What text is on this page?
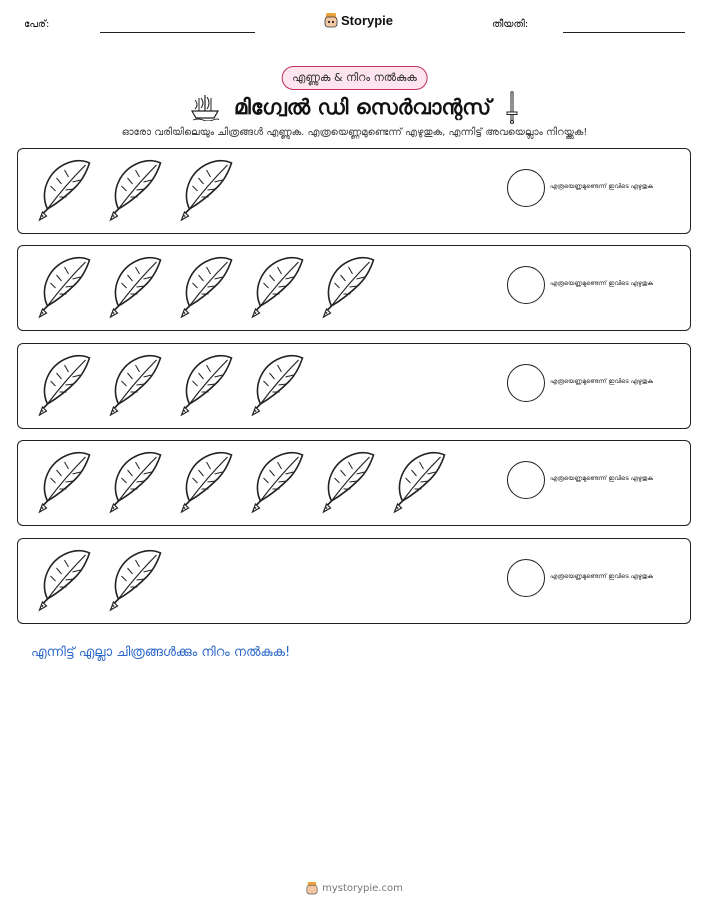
പേര്:	Storypie	തീയതി:
എണ്ണുക & നിറം നൽകുക
മിഗ്വേൽ ഡി സെർവാന്റസ്
ഓരോ വരിയിലെയും ചിത്രങ്ങൾ എണ്ണുക. എത്രയെണ്ണമുണ്ടെന്ന് എഴുതുക, എന്നിട്ട് അവയെല്ലാം നിറയ്ക്കുക!
എത്രയെണ്ണമുണ്ടെന്ന് ഇവിടെ എഴുതുക
എത്രയെണ്ണമുണ്ടെന്ന് ഇവിടെ എഴുതുക
എത്രയെണ്ണമുണ്ടെന്ന് ഇവിടെ എഴുതുക
എത്രയെണ്ണമുണ്ടെന്ന് ഇവിടെ എഴുതുക
എത്രയെണ്ണമുണ്ടെന്ന് ഇവിടെ എഴുതുക
എന്നിട്ട് എല്ലാ ചിത്രങ്ങൾക്കും നിറം നൽകുക!
mystorypie.com
